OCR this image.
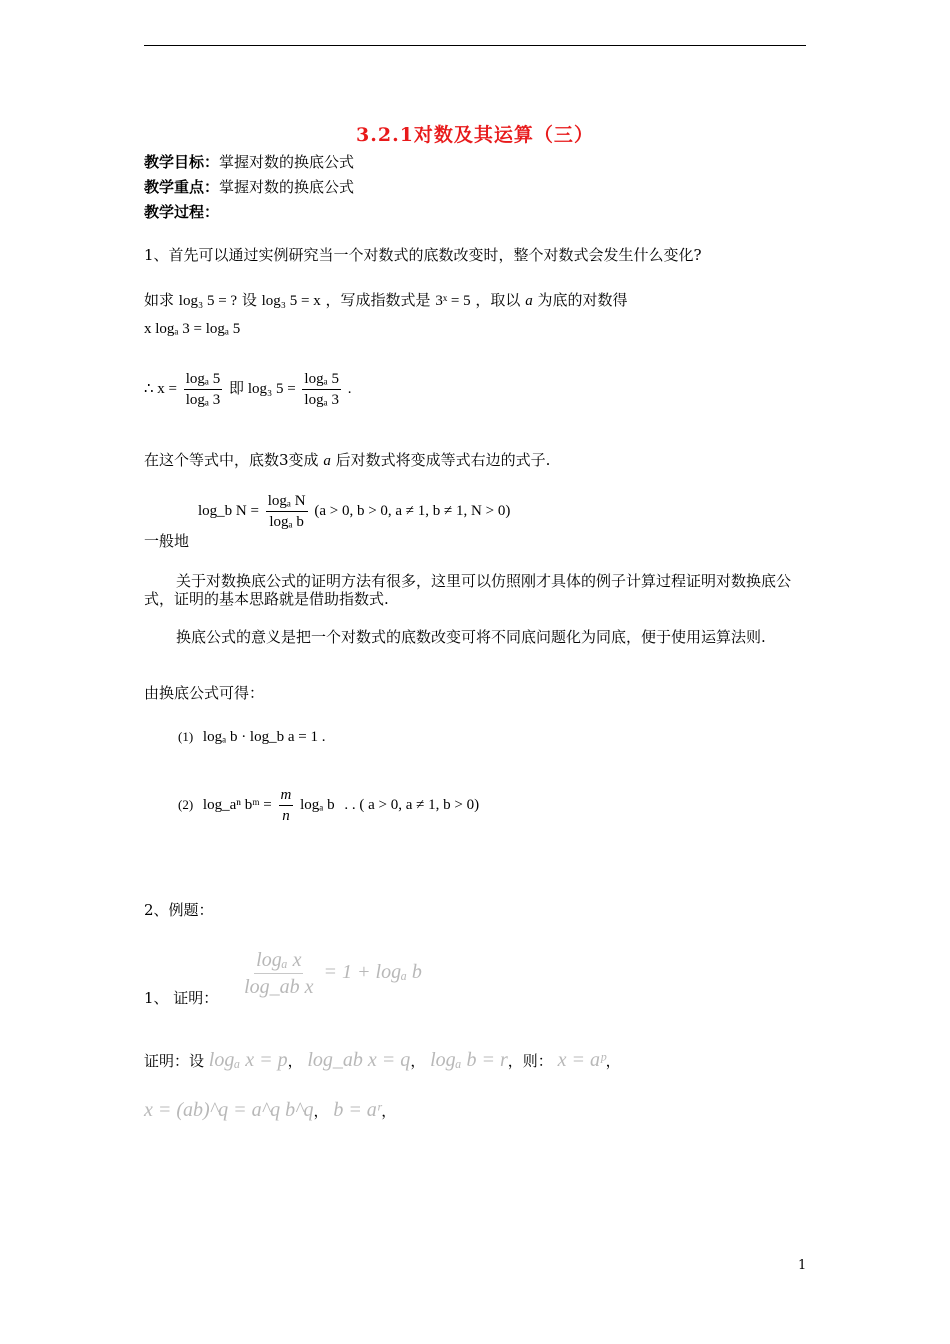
3.2.1对数及其运算（三）
教学目标：掌握对数的换底公式
教学重点：掌握对数的换底公式
教学过程：
1、首先可以通过实例研究当一个对数式的底数改变时，整个对数式会发生什么变化?
如求 log₃ 5 = ? 设 log₃ 5 = x ，写成指数式是 3ˣ = 5 ，取以 a 为底的对数得
x logₐ 3 = logₐ 5
∴ $x = \frac{\text{logₐ 5}}{\text{logₐ 3}}$ 即 log₃ $5 = \frac{\text{logₐ 5}}{\text{logₐ 3}}$ .
在这个等式中，底数3变成 a 后对数式将变成等式右边的式子.
log_b $N = \frac{\text{logₐ N}}{\text{logₐ b}} (a > 0$, b > 0, a ≠ 1, b ≠ 1, N > 0)
一般地
关于对数换底公式的证明方法有很多，这里可以仿照刚才具体的例子计算过程证明对数换底公式，证明的基本思路就是借助指数式.
换底公式的意义是把一个对数式的底数改变可将不同底问题化为同底，便于使用运算法则.
由换底公式可得：
(1) logₐ b · log_b a = 1 .
(2) log_aⁿ bᵐ = $\frac{m}{n}$ logₐ b . . ( a > 0, a ≠ 1, b > 0)
2、例题：
1、 证明： $\frac{\text{logₐ x}}{\text{log\_ab x}} = 1 + \log_a$ b
证明：设 logₐ x = p， log_ab x = q， logₐ b = r，则： x = aᵖ，
x = (ab)^q = a^q b^q， b = aʳ，
1
